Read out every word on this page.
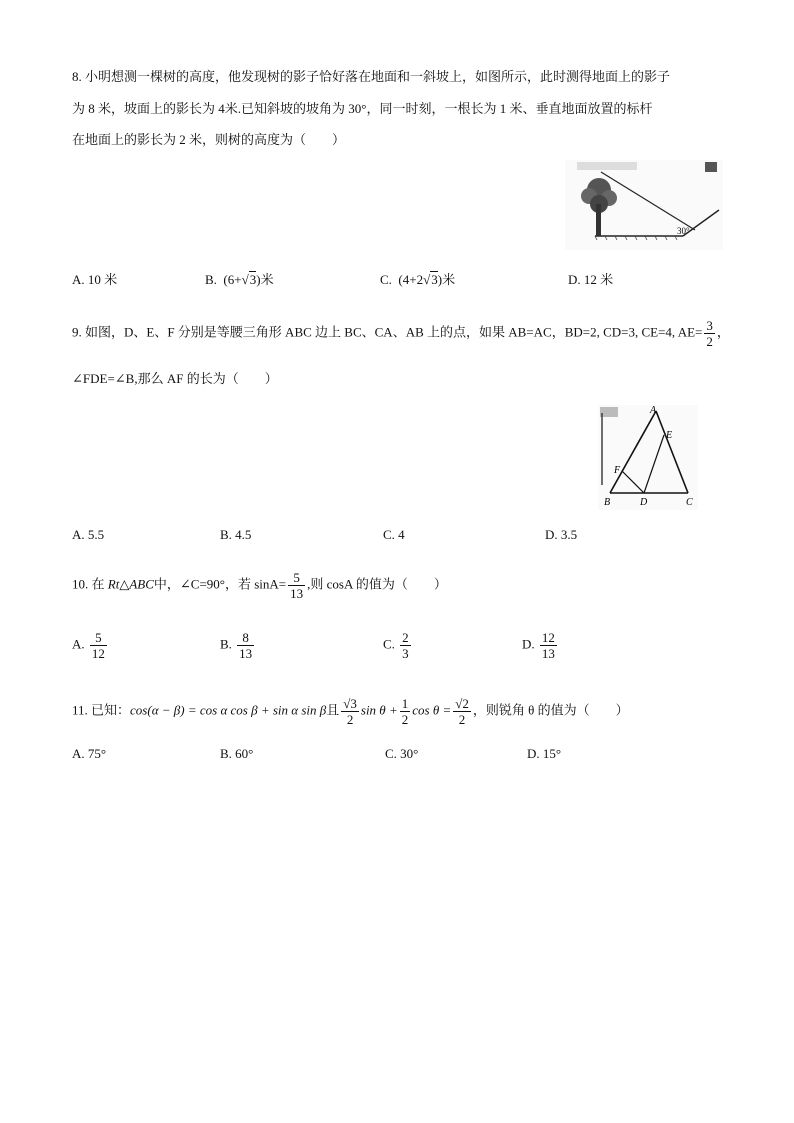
8. 小明想测一棵树的高度，他发现树的影子恰好落在地面和一斜坡上，如图所示，此时测得地面上的影子
为 8 米，坡面上的影长为 4米.已知斜坡的坡角为 30°，同一时刻，一根长为 1 米、垂直地面放置的标杆
在地面上的影长为 2 米，则树的高度为（　　）
30°
A. 10 米	B. (6+√3)米	C. (4+2√3)米	D. 12 米
9. 如图，D、E、F 分别是等腰三角形 ABC 边上 BC、CA、AB 上的点，如果 AB=AC，BD=2, CD=3, CE=4, $AE= \frac{3}{2}$ ，
∠FDE=∠B,那么 AF 的长为（　　）
A
B	C
D
E
F
A. 5.5	B. 4.5	C. 4	D. 3.5
10. 在 Rt△ABC中，∠C=90°，若 $\sin A= \frac{5}{13}$ ,则 cosA 的值为（　　）
A. $\frac{5}{12}$	B. $\frac{8}{13}$	C. $\frac{2}{3}$	D. $\frac{12}{13}$
11. 已知：cos(α − β) = cos α cos β + sin α sin β且 $\frac{√3}{2}$ $\sin \theta + \frac{1}{2}$ $\cos \theta = \frac{√2}{2}$ ，则锐角 θ 的值为（　　）
A. 75°	B. 60°	C. 30°	D. 15°
